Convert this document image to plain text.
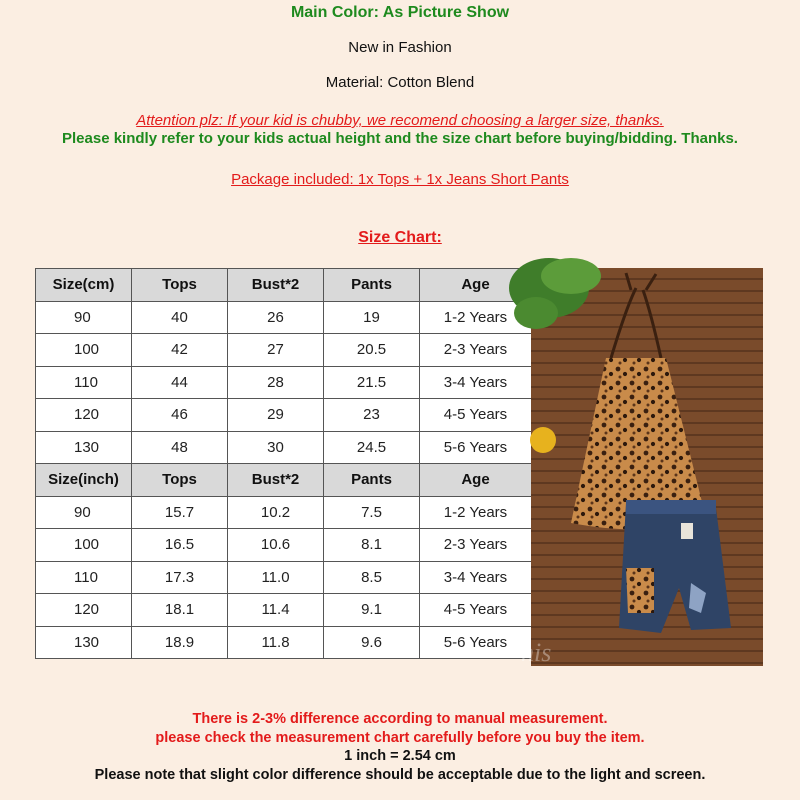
Main Color: As Picture Show
New in Fashion
Material: Cotton Blend
Attention plz: If your kid is chubby, we recomend choosing a larger size, thanks.
Please kindly refer to your kids actual height and the size chart before buying/bidding. Thanks.
Package included: 1x Tops + 1x Jeans Short Pants
Size Chart:
Size(cm)	Tops	Bust*2	Pants	Age
90	40	26	19	1-2 Years
100	42	27	20.5	2-3 Years
110	44	28	21.5	3-4 Years
120	46	29	23	4-5 Years
130	48	30	24.5	5-6 Years
Size(inch)	Tops	Bust*2	Pants	Age
90	15.7	10.2	7.5	1-2 Years
100	16.5	10.6	8.1	2-3 Years
110	17.3	11.0	8.5	3-4 Years
120	18.1	11.4	9.1	4-5 Years
130	18.9	11.8	9.6	5-6 Years nis
There is 2-3% difference according to manual measurement.
please check the measurement chart carefully before you buy the item.
1 inch = 2.54 cm
Please note that slight color difference should be acceptable due to the light and screen.
